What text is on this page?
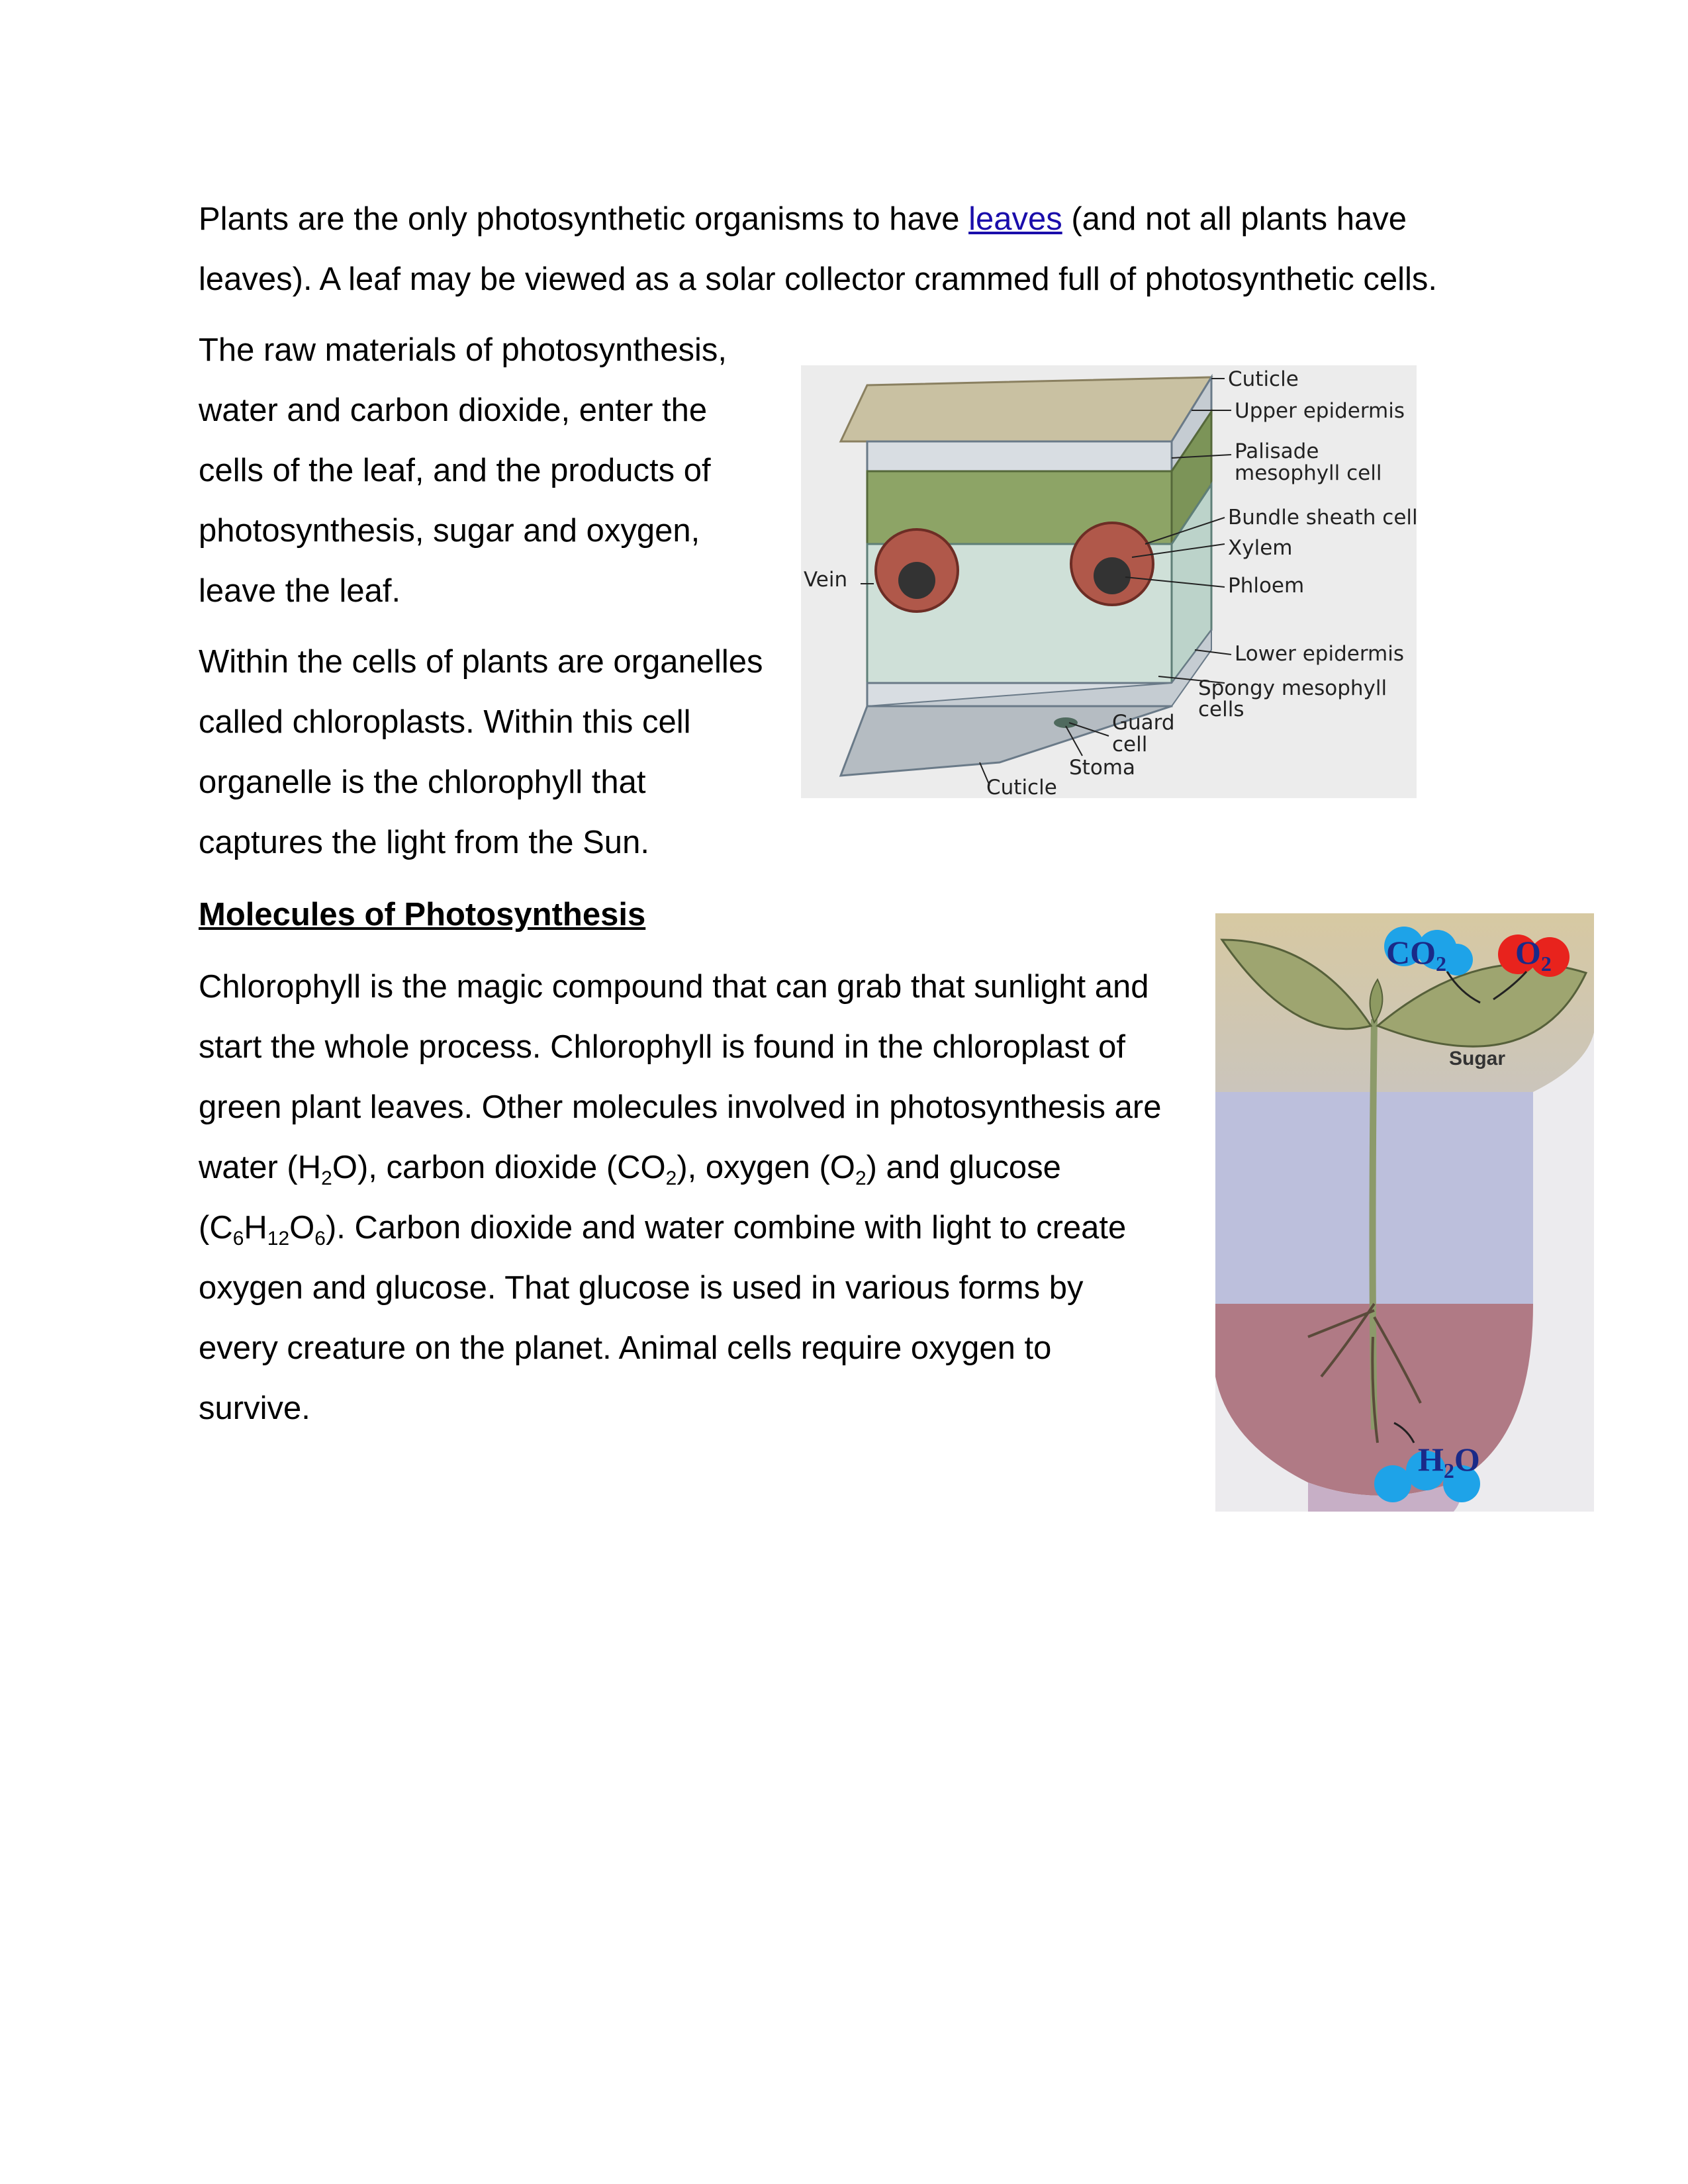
Plants are the only photosynthetic organisms to have leaves (and not all plants have

leaves). A leaf may be viewed as a solar collector crammed full of photosynthetic cells.

The raw materials of photosynthesis,

water and carbon dioxide, enter the

cells of the leaf, and the products of

photosynthesis, sugar and oxygen,

leave the leaf.

Within the cells of plants are organelles

called chloroplasts. Within this cell

organelle is the chlorophyll that

captures the light from the Sun.

Molecules of Photosynthesis

Chlorophyll is the magic compound that can grab that sunlight and

start the whole process. Chlorophyll is found in the chloroplast of

green plant leaves. Other molecules involved in photosynthesis are

water $(H_2O)$, carbon dioxide $(CO_2)$, oxygen $(O_2)$ and glucose

$(C_6H_{12}O_6)$. Carbon dioxide and water combine with light to create

oxygen and glucose. That glucose is used in various forms by

every creature on the planet. Animal cells require oxygen to

survive.

Cuticle
Upper epidermis
Palisade
mesophyll cell
Bundle sheath cell
Xylem
Phloem
Vein
Lower epidermis
Spongy mesophyll
cells
Guard
cell
Stoma
Cuticle
$CO_2$ $O_2$
Sugar
$H_2O$
